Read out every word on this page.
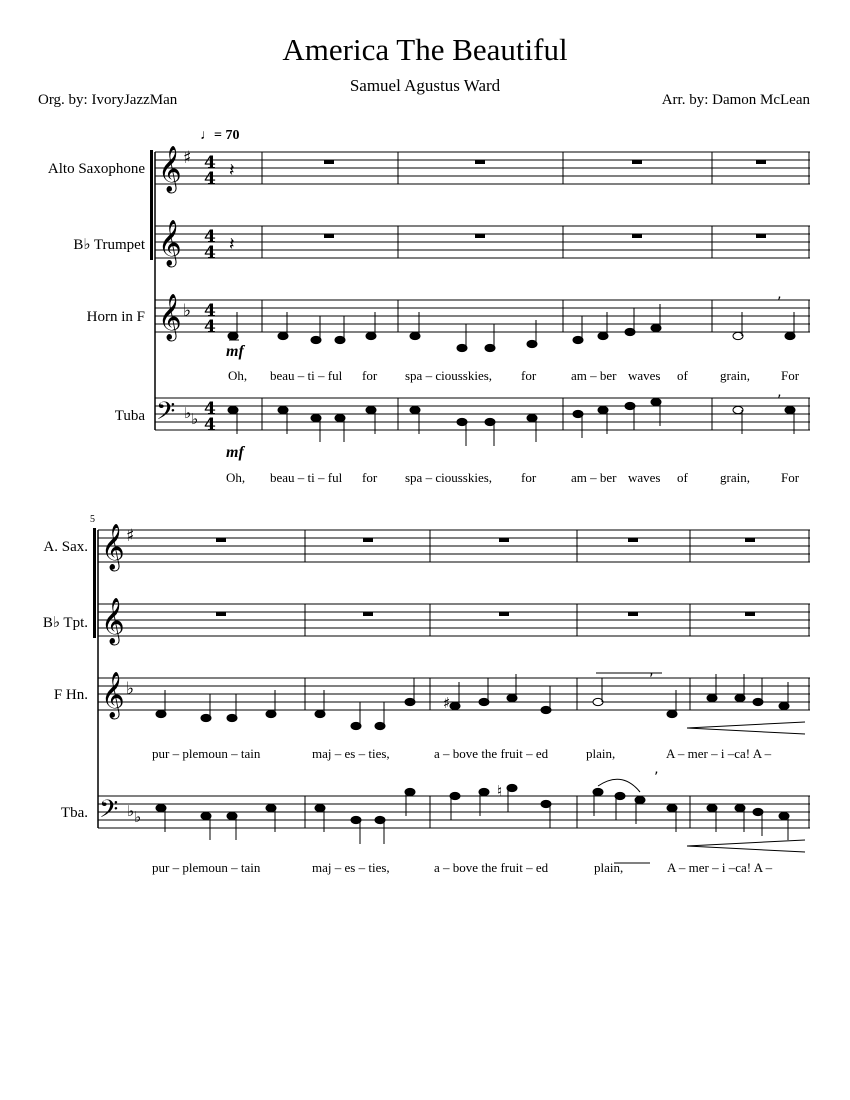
America The Beautiful
Samuel Agustus Ward
Org. by: IvoryJazzMan	Arr. by: Damon McLean
♩= 70
Alto Saxophone
B♭ Trumpet
Horn in F
Tuba
A. Sax.
B♭ Tpt.
F Hn.
Tba.
5
mf
mf
Oh, beau – ti – ful for spa – ciousskies, for	am – ber waves of grain, For
Oh, beau – ti – ful for spa – ciousskies, for	am – ber waves of grain, For
pur – plemoun – tain	maj – es – ties,	a – bove the fruit – ed	plain,	A – mer – i –ca! A –
pur – plemoun – tain	maj – es – ties,	a – bove the fruit – ed	plain,	A – mer – i –ca! A –
𝄞
𝄞
𝄞
𝄢
𝄞
𝄞
𝄞
𝄢
♯
♭
♭ ♭
♯
♭
♭ ♭
4
4
4
4
4
4
4
4
𝄽
𝄽
’
’
’
’
♯
♮
